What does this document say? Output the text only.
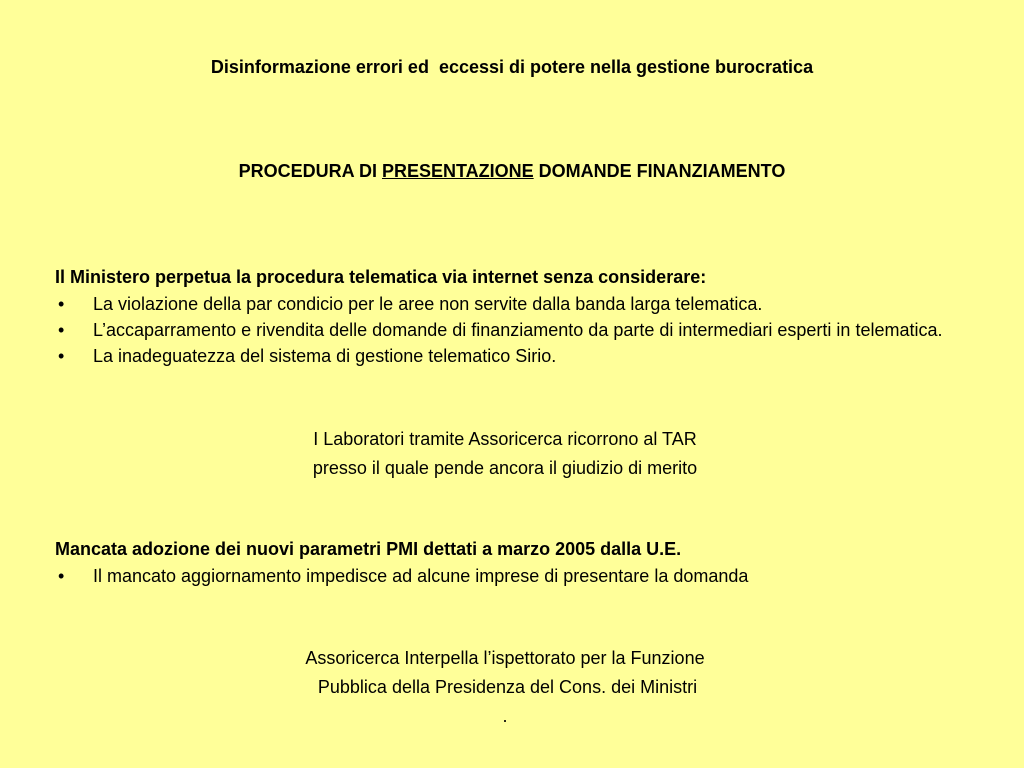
Disinformazione errori ed  eccessi di potere nella gestione burocratica
PROCEDURA DI PRESENTAZIONE DOMANDE FINANZIAMENTO

Il Ministero perpetua la procedura telematica via internet senza considerare:

• La violazione della par condicio per le aree non servite dalla banda larga telematica.
• L’accaparramento e rivendita delle domande di finanziamento da parte di intermediari esperti in telematica.
• La inadeguatezza del sistema di gestione telematico Sirio.

I Laboratori tramite Assoricerca ricorrono al TAR

presso il quale pende ancora il giudizio di merito

Mancata adozione dei nuovi parametri PMI dettati a marzo 2005 dalla U.E.

• Il mancato aggiornamento impedisce ad alcune imprese di presentare la domanda

Assoricerca Interpella l’ispettorato per la Funzione

Pubblica della Presidenza del Cons. dei Ministri

.
